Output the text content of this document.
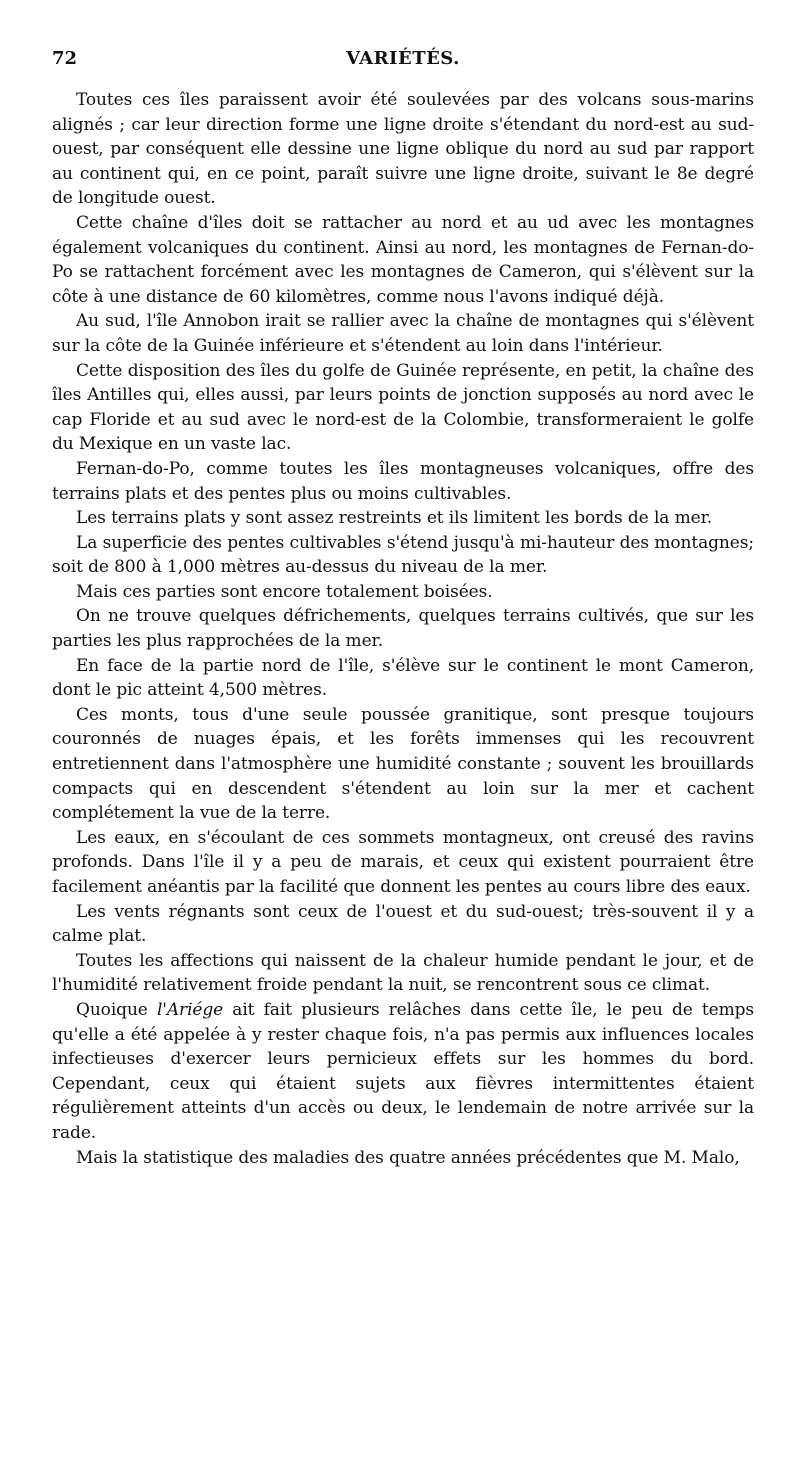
72	VARIÉTÉS.

Toutes ces îles paraissent avoir été soulevées par des volcans sous-marins alignés ; car leur direction forme une ligne droite s'étendant du nord-est au sud-ouest, par conséquent elle dessine une ligne oblique du nord au sud par rapport au continent qui, en ce point, paraît suivre une ligne droite, suivant le 8e degré de longitude ouest.

Cette chaîne d'îles doit se rattacher au nord et au ud avec les montagnes également volcaniques du continent. Ainsi au nord, les montagnes de Fernan-do-Po se rattachent forcément avec les montagnes de Cameron, qui s'élèvent sur la côte à une distance de 60 kilomètres, comme nous l'avons indiqué déjà.

Au sud, l'île Annobon irait se rallier avec la chaîne de montagnes qui s'élèvent sur la côte de la Guinée inférieure et s'étendent au loin dans l'intérieur.

Cette disposition des îles du golfe de Guinée représente, en petit, la chaîne des îles Antilles qui, elles aussi, par leurs points de jonction supposés au nord avec le cap Floride et au sud avec le nord-est de la Colombie, transformeraient le golfe du Mexique en un vaste lac.

Fernan-do-Po, comme toutes les îles montagneuses volcaniques, offre des terrains plats et des pentes plus ou moins cultivables.

Les terrains plats y sont assez restreints et ils limitent les bords de la mer.

La superficie des pentes cultivables s'étend jusqu'à mi-hauteur des montagnes; soit de 800 à 1,000 mètres au-dessus du niveau de la mer.

Mais ces parties sont encore totalement boisées.

On ne trouve quelques défrichements, quelques terrains cultivés, que sur les parties les plus rapprochées de la mer.

En face de la partie nord de l'île, s'élève sur le continent le mont Cameron, dont le pic atteint 4,500 mètres.

Ces monts, tous d'une seule poussée granitique, sont presque toujours couronnés de nuages épais, et les forêts immenses qui les recouvrent entretiennent dans l'atmosphère une humidité constante ; souvent les brouillards compacts qui en descendent s'étendent au loin sur la mer et cachent complétement la vue de la terre.

Les eaux, en s'écoulant de ces sommets montagneux, ont creusé des ravins profonds. Dans l'île il y a peu de marais, et ceux qui existent pourraient être facilement anéantis par la facilité que donnent les pentes au cours libre des eaux.

Les vents régnants sont ceux de l'ouest et du sud-ouest; très-souvent il y a calme plat.

Toutes les affections qui naissent de la chaleur humide pendant le jour, et de l'humidité relativement froide pendant la nuit, se rencontrent sous ce climat.

Quoique l'Ariége ait fait plusieurs relâches dans cette île, le peu de temps qu'elle a été appelée à y rester chaque fois, n'a pas permis aux influences locales infectieuses d'exercer leurs pernicieux effets sur les hommes du bord. Cependant, ceux qui étaient sujets aux fièvres intermittentes étaient régulièrement atteints d'un accès ou deux, le lendemain de notre arrivée sur la rade.

Mais la statistique des maladies des quatre années précédentes que M. Malo,
